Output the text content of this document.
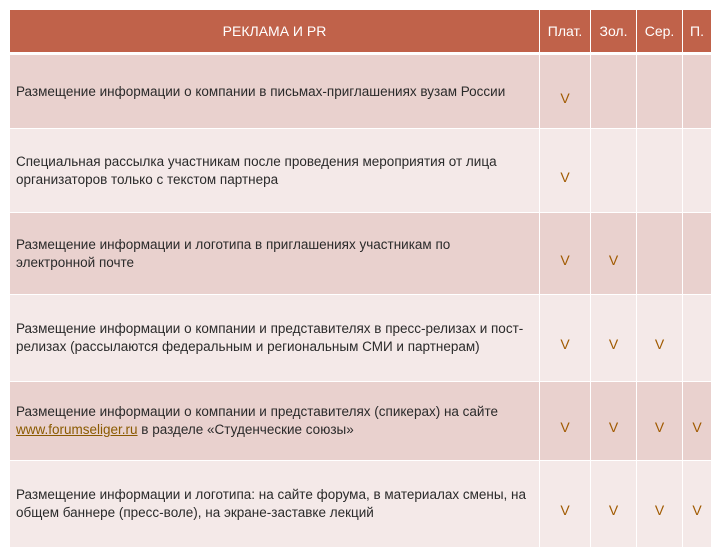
РЕКЛАМА И PR	Плат.	Зол.	Сер.	П.
Размещение информации о компании в письмах-приглашениях вузам России	V			
Специальная рассылка участникам после проведения мероприятия от лица организаторов только с текстом партнера	V			
Размещение информации и логотипа в приглашениях участникам по электронной почте	V	V		
Размещение информации о компании и представителях в пресс-релизах и пост-релизах (рассылаются федеральным и региональным СМИ и партнерам)	V	V	V	
Размещение информации о компании и представителях (спикерах) на сайте www.forumseliger.ru в разделе «Студенческие союзы»	V	V	V	V
Размещение информации и логотипа: на сайте форума, в материалах смены, на общем баннере (пресс-воле), на экране-заставке лекций	V	V	V	V
